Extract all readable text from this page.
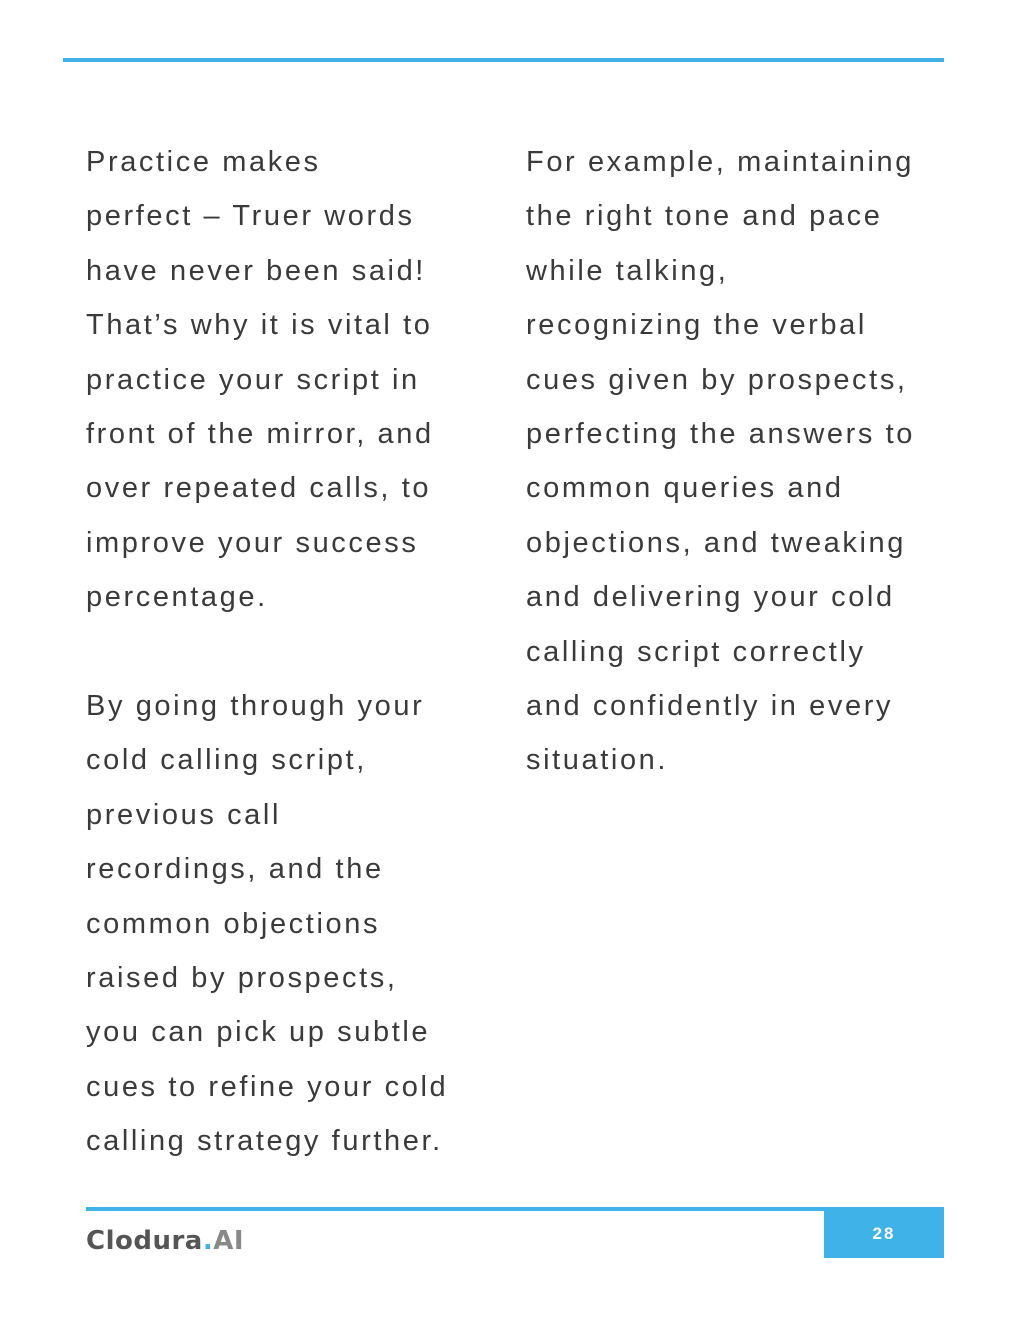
Practice makes
perfect – Truer words
have never been said!
That’s why it is vital to
practice your script in
front of the mirror, and
over repeated calls, to
improve your success
percentage.

By going through your
cold calling script,
previous call
recordings, and the
common objections
raised by prospects,
you can pick up subtle
cues to refine your cold
calling strategy further.

For example, maintaining
the right tone and pace
while talking,
recognizing the verbal
cues given by prospects,
perfecting the answers to
common queries and
objections, and tweaking
and delivering your cold
calling script correctly
and confidently in every
situation.

Clodura.AI	28
